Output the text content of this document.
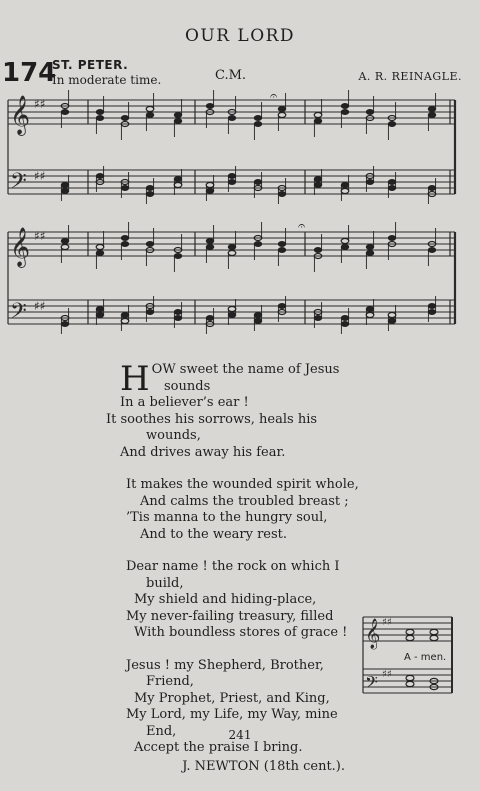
OUR LORD
174
ST. PETER.
In moderate time.	C.M.	A. R. REINAGLE.
𝄞
𝄢
𝄞
𝄢
♯♯
♯♯
♯♯
♯♯
𝄐
𝄐
H OW sweet the name of Jesus
sounds
In a believer’s ear !
It soothes his sorrows, heals his
wounds,
And drives away his fear.
It makes the wounded spirit whole,
And calms the troubled breast ;
’Tis manna to the hungry soul,
And to the weary rest.
Dear name ! the rock on which I
build,
My shield and hiding-place,
My never-failing treasury, filled
With boundless stores of grace !
Jesus ! my Shepherd, Brother,
Friend,
My Prophet, Priest, and King,
My Lord, my Life, my Way, mine
End,
Accept the praise I bring.
J. NEWTON (18th cent.).
𝄞
𝄢
♯♯
♯♯
A - men.
241
